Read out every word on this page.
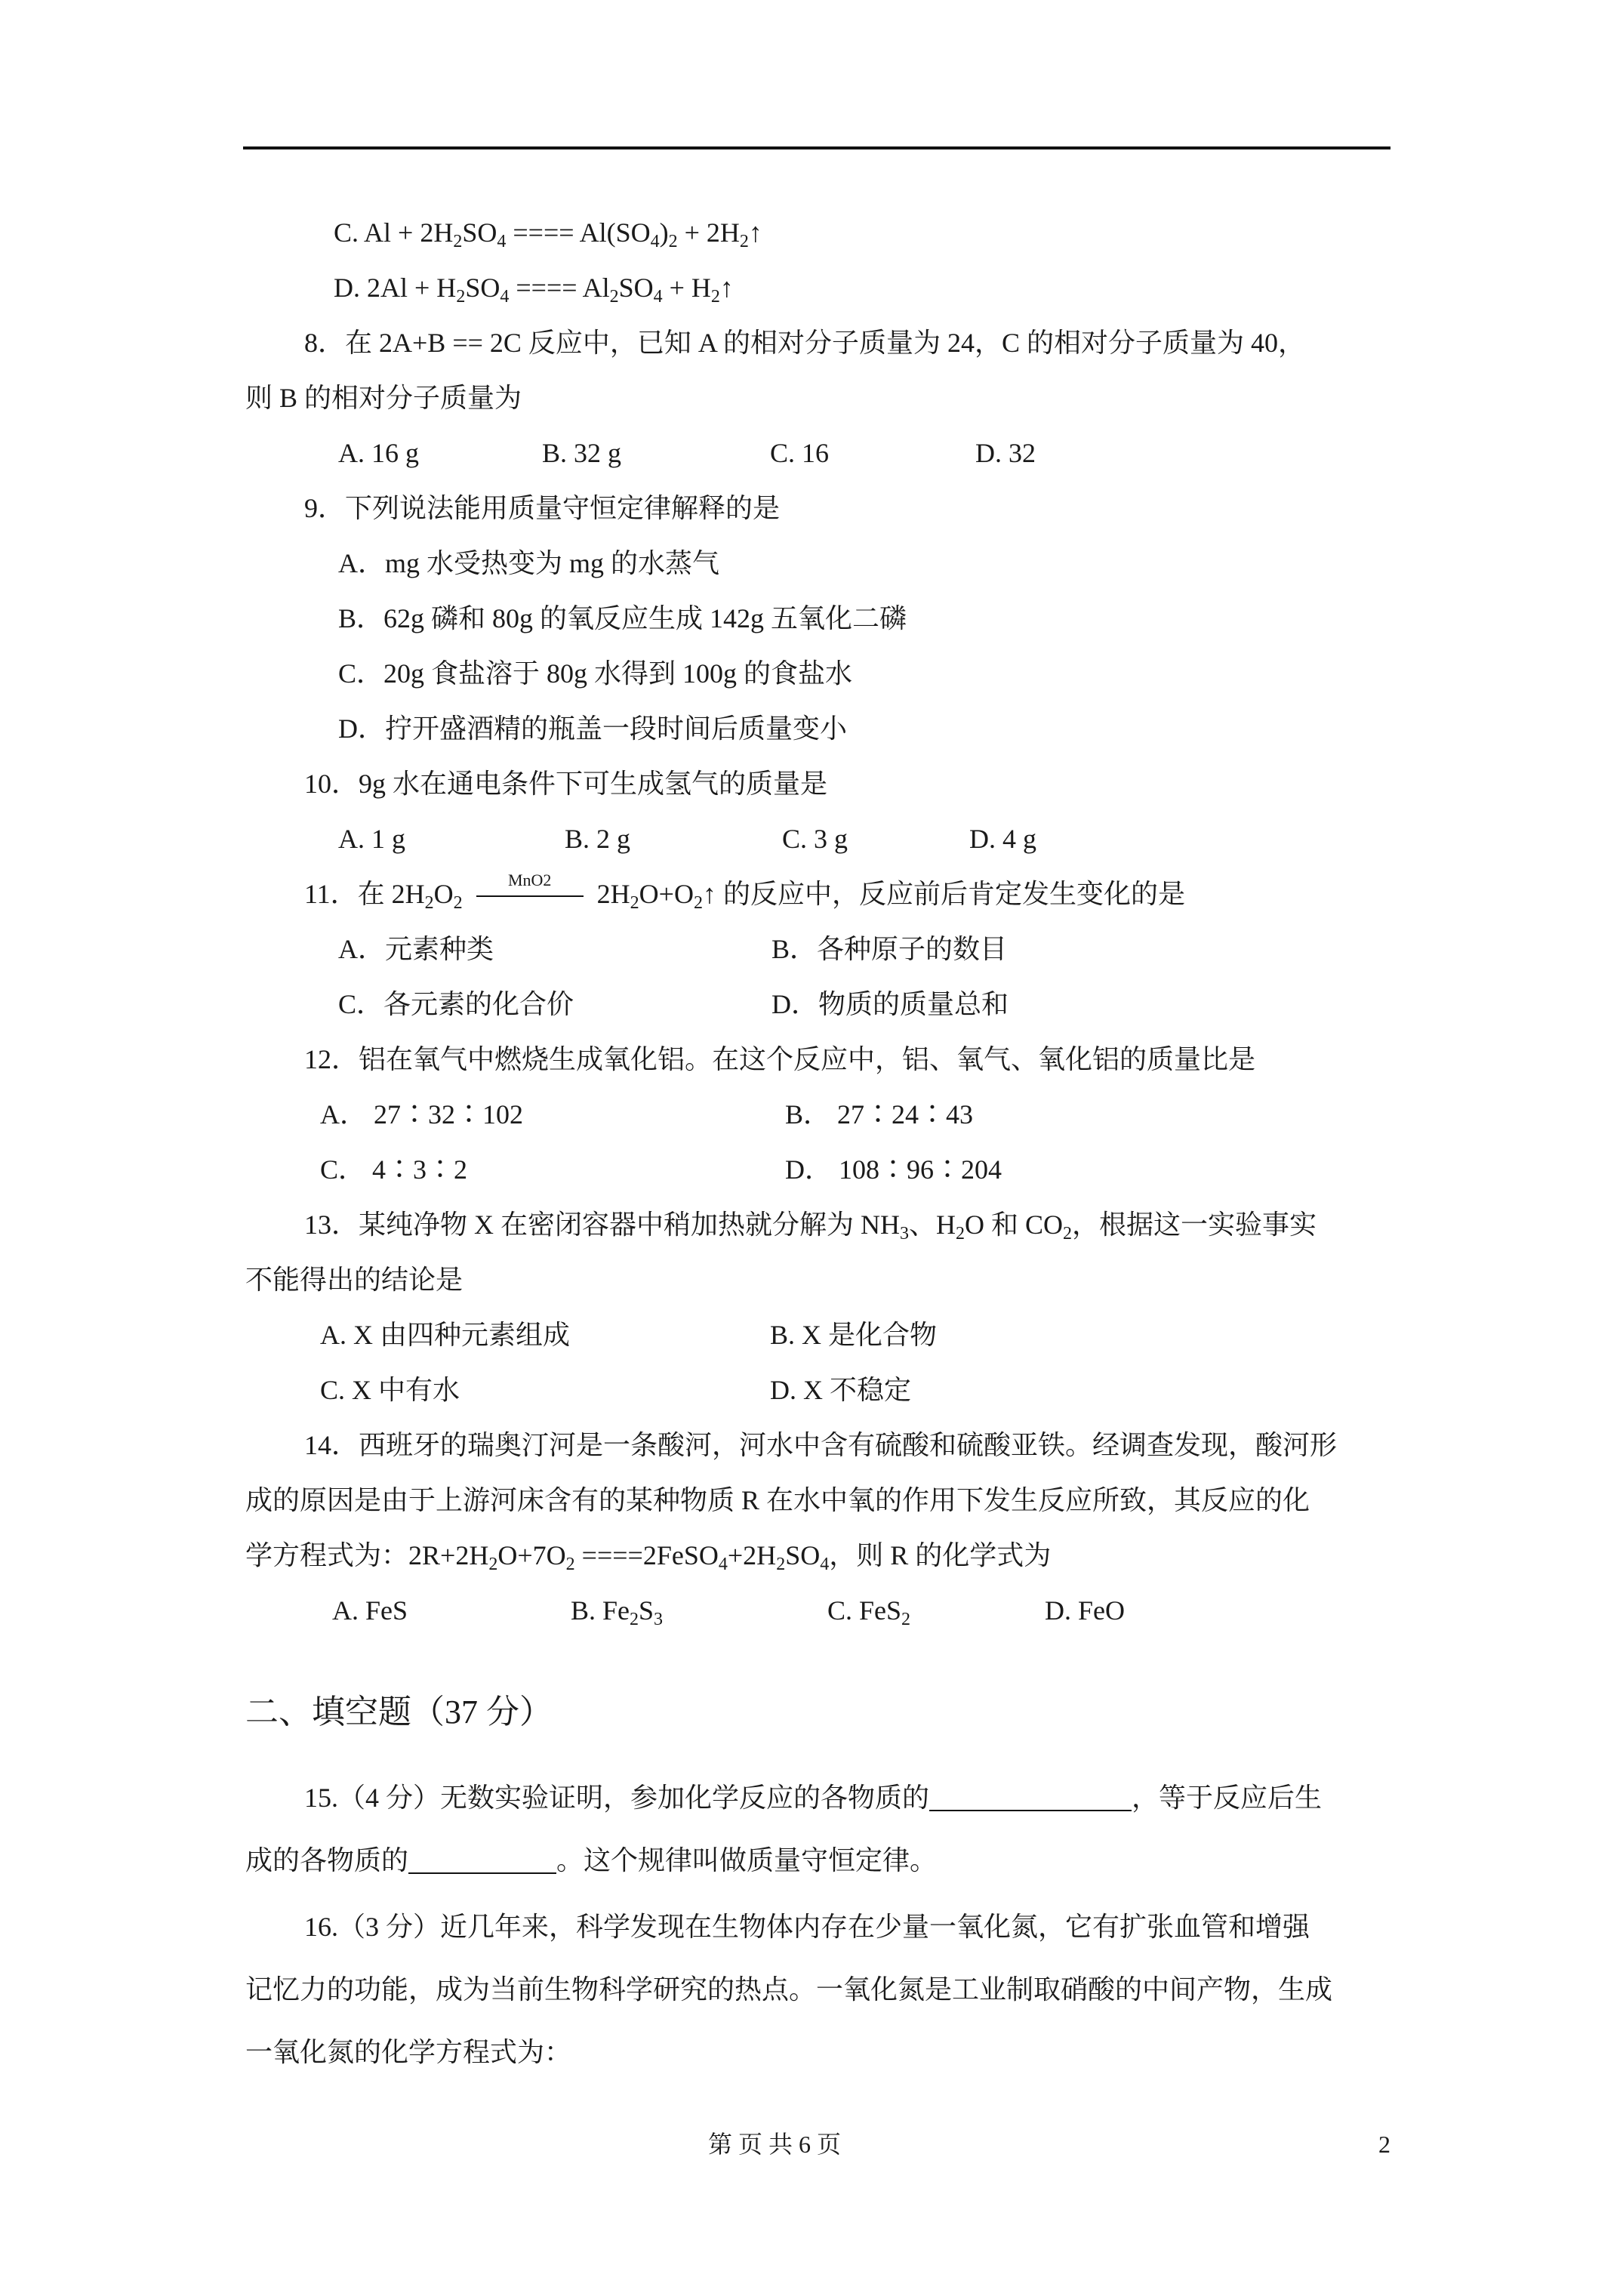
C. $Al + 2H_2SO_4$ ==== $Al(SO_4)_2$ + $2H_2↑$
D. $2Al + H_2SO_4$ ==== $Al_2SO_4$ + $H_2↑$
8．在 2A+B == 2C 反应中，已知 A 的相对分子质量为 24，C 的相对分子质量为 40，
则 B 的相对分子质量为
A. 16 g	B. 32 g	C. 16	D. 32
9．下列说法能用质量守恒定律解释的是
A．mg 水受热变为 mg 的水蒸气
B．62g 磷和 80g 的氧反应生成 142g 五氧化二磷
C．20g 食盐溶于 80g 水得到 100g 的食盐水
D．拧开盛酒精的瓶盖一段时间后质量变小
10．9g 水在通电条件下可生成氢气的质量是
A. 1 g	B. 2 g	C. 3 g	D. 4 g
11．在 $2H_2O_2$
MnO2	$2H_2O+O_2↑$ 的反应中，反应前后肯定发生变化的是
A．元素种类	B．各种原子的数目
C．各元素的化合价	D．物质的质量总和
12．铝在氧气中燃烧生成氧化铝。在这个反应中，铝、氧气、氧化铝的质量比是
A． 27∶32∶102	B． 27∶24∶43
C． 4∶3∶2	D． 108∶96∶204
13．某纯净物 X 在密闭容器中稍加热就分解为 $NH_3$、$H_2O$ 和 $CO_2$，根据这一实验事实
不能得出的结论是
A. X 由四种元素组成	B. X 是化合物
C. X 中有水	D. X 不稳定
14．西班牙的瑞奥汀河是一条酸河，河水中含有硫酸和硫酸亚铁。经调查发现，酸河形
成的原因是由于上游河床含有的某种物质 R 在水中氧的作用下发生反应所致，其反应的化
学方程式为：$2R+2H_2O+7O_2$ $====2FeSO_4+2H_2SO_4$，则 R 的化学式为
A. FeS	B. $Fe_2S_3$	C. FeS$_2$	D. FeO
二、填空题（37 分）
15.（4 分）无数实验证明，参加化学反应的各物质的	，等于反应后生
成的各物质的	。这个规律叫做质量守恒定律。
16.（3 分）近几年来，科学发现在生物体内存在少量一氧化氮，它有扩张血管和增强
记忆力的功能，成为当前生物科学研究的热点。一氧化氮是工业制取硝酸的中间产物，生成
一氧化氮的化学方程式为：
第 页 共 6 页	2
